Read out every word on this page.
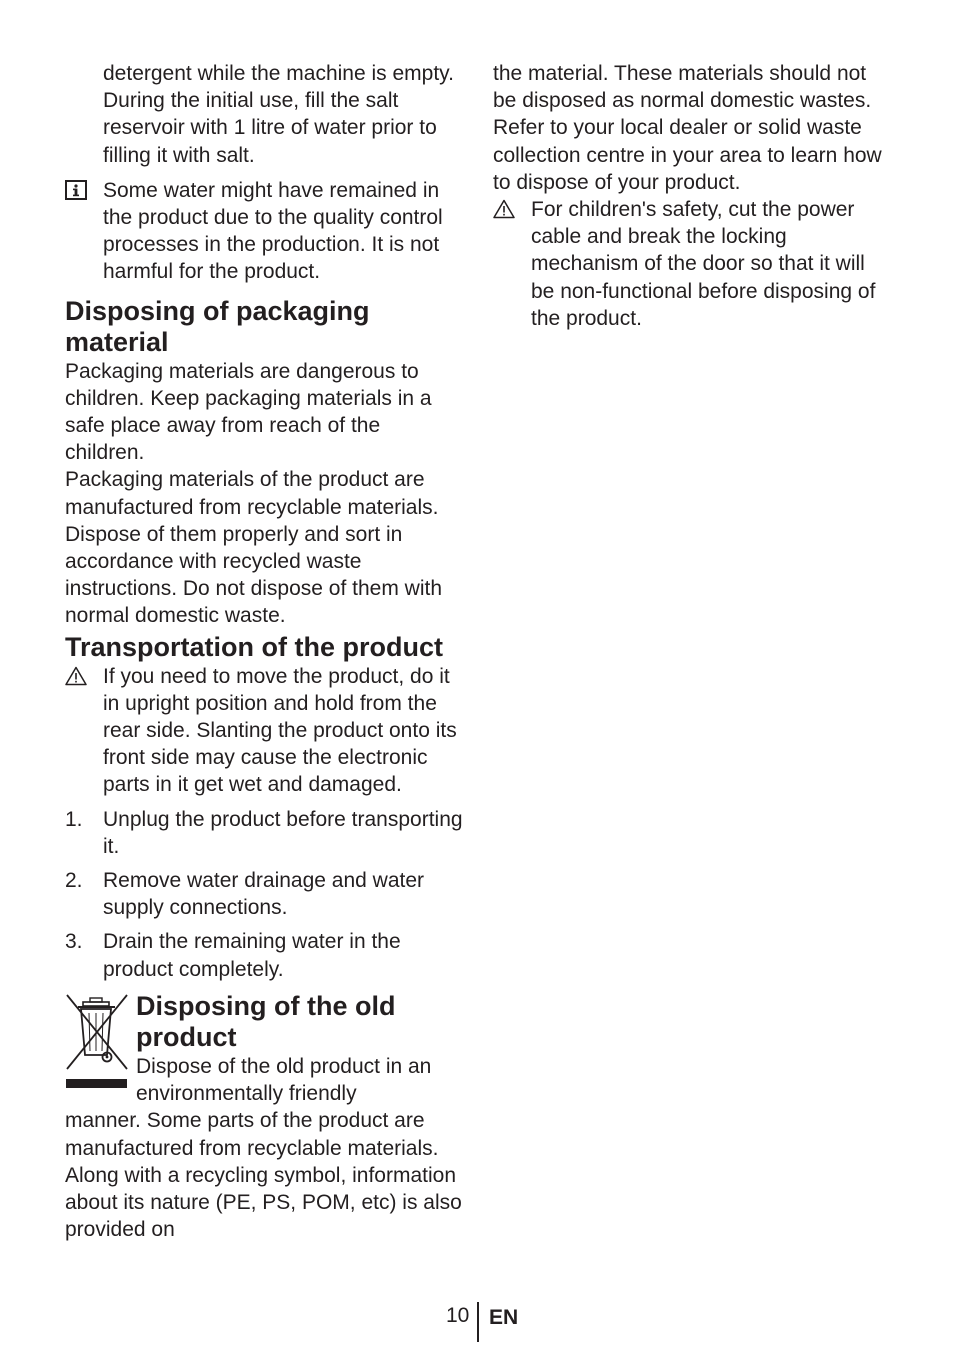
detergent while the machine is empty. During the initial use, fill the salt reservoir with 1 litre of water prior to filling it with salt.

Some water might have remained in the product due to the quality control processes in the production. It is not harmful for the product.

Disposing of packaging material

Packaging materials are dangerous to children. Keep packaging materials in a safe place away from reach of the children.

Packaging materials of the product are manufactured from recyclable materials. Dispose of them properly and sort in accordance with recycled waste instructions. Do not dispose of them with normal domestic waste.

Transportation of the product

If you need to move the product, do it in upright position and hold from the rear side. Slanting the product onto its front side may cause the electronic parts in it get wet and damaged.

1. Unplug the product before transporting it.
2. Remove water drainage and water supply connections.
3. Drain the remaining water in the product completely.
Disposing of the old product

Dispose of the old product in an environmentally friendly

manner. Some parts of the product are manufactured from recyclable materials. Along with a recycling symbol, information about its nature (PE, PS, POM, etc) is also provided on

the material. These materials should not be disposed as normal domestic wastes.

Refer to your local dealer or solid waste collection centre in your area to learn how to dispose of your product.

For children's safety, cut the power cable and break the locking mechanism of the door so that it will be non-functional before disposing of the product.

10 EN
